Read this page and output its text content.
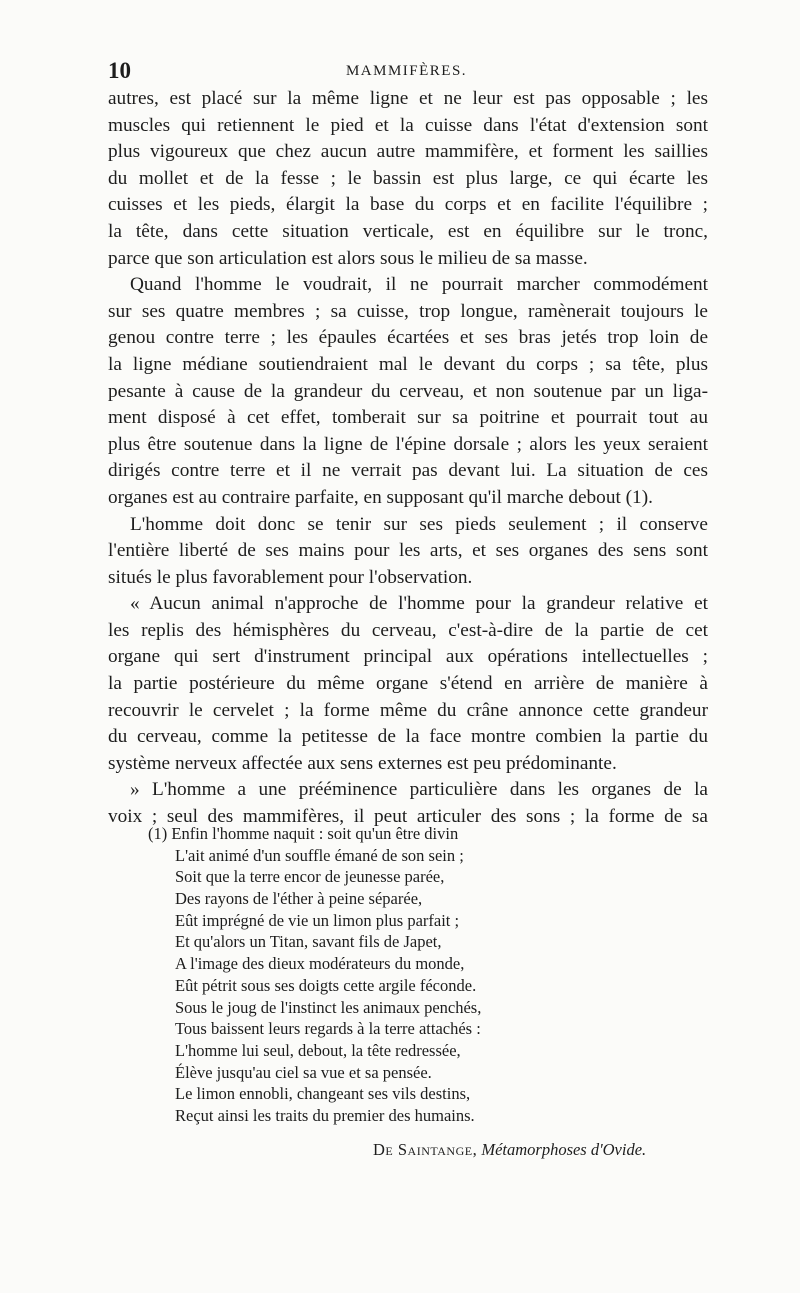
10	MAMMIFÈRES.
autres, est placé sur la même ligne et ne leur est pas opposable ; les
muscles qui retiennent le pied et la cuisse dans l'état d'extension sont
plus vigoureux que chez aucun autre mammifère, et forment les saillies
du mollet et de la fesse ; le bassin est plus large, ce qui écarte les
cuisses et les pieds, élargit la base du corps et en facilite l'équilibre ;
la tête, dans cette situation verticale, est en équilibre sur le tronc,
parce que son articulation est alors sous le milieu de sa masse.
Quand l'homme le voudrait, il ne pourrait marcher commodément
sur ses quatre membres ; sa cuisse, trop longue, ramènerait toujours le
genou contre terre ; les épaules écartées et ses bras jetés trop loin de
la ligne médiane soutiendraient mal le devant du corps ; sa tête, plus
pesante à cause de la grandeur du cerveau, et non soutenue par un liga-
ment disposé à cet effet, tomberait sur sa poitrine et pourrait tout au
plus être soutenue dans la ligne de l'épine dorsale ; alors les yeux seraient
dirigés contre terre et il ne verrait pas devant lui. La situation de ces
organes est au contraire parfaite, en supposant qu'il marche debout (1).
L'homme doit donc se tenir sur ses pieds seulement ; il conserve
l'entière liberté de ses mains pour les arts, et ses organes des sens sont
situés le plus favorablement pour l'observation.
« Aucun animal n'approche de l'homme pour la grandeur relative et
les replis des hémisphères du cerveau, c'est-à-dire de la partie de cet
organe qui sert d'instrument principal aux opérations intellectuelles ;
la partie postérieure du même organe s'étend en arrière de manière à
recouvrir le cervelet ; la forme même du crâne annonce cette grandeur
du cerveau, comme la petitesse de la face montre combien la partie du
système nerveux affectée aux sens externes est peu prédominante.
» L'homme a une prééminence particulière dans les organes de la
voix ; seul des mammifères, il peut articuler des sons ; la forme de sa
(1) Enfin l'homme naquit : soit qu'un être divin
L'ait animé d'un souffle émané de son sein ;
Soit que la terre encor de jeunesse parée,
Des rayons de l'éther à peine séparée,
Eût imprégné de vie un limon plus parfait ;
Et qu'alors un Titan, savant fils de Japet,
A l'image des dieux modérateurs du monde,
Eût pétrit sous ses doigts cette argile féconde.
Sous le joug de l'instinct les animaux penchés,
Tous baissent leurs regards à la terre attachés :
L'homme lui seul, debout, la tête redressée,
Élève jusqu'au ciel sa vue et sa pensée.
Le limon ennobli, changeant ses vils destins,
Reçut ainsi les traits du premier des humains.
De Saintange, Métamorphoses d'Ovide.
